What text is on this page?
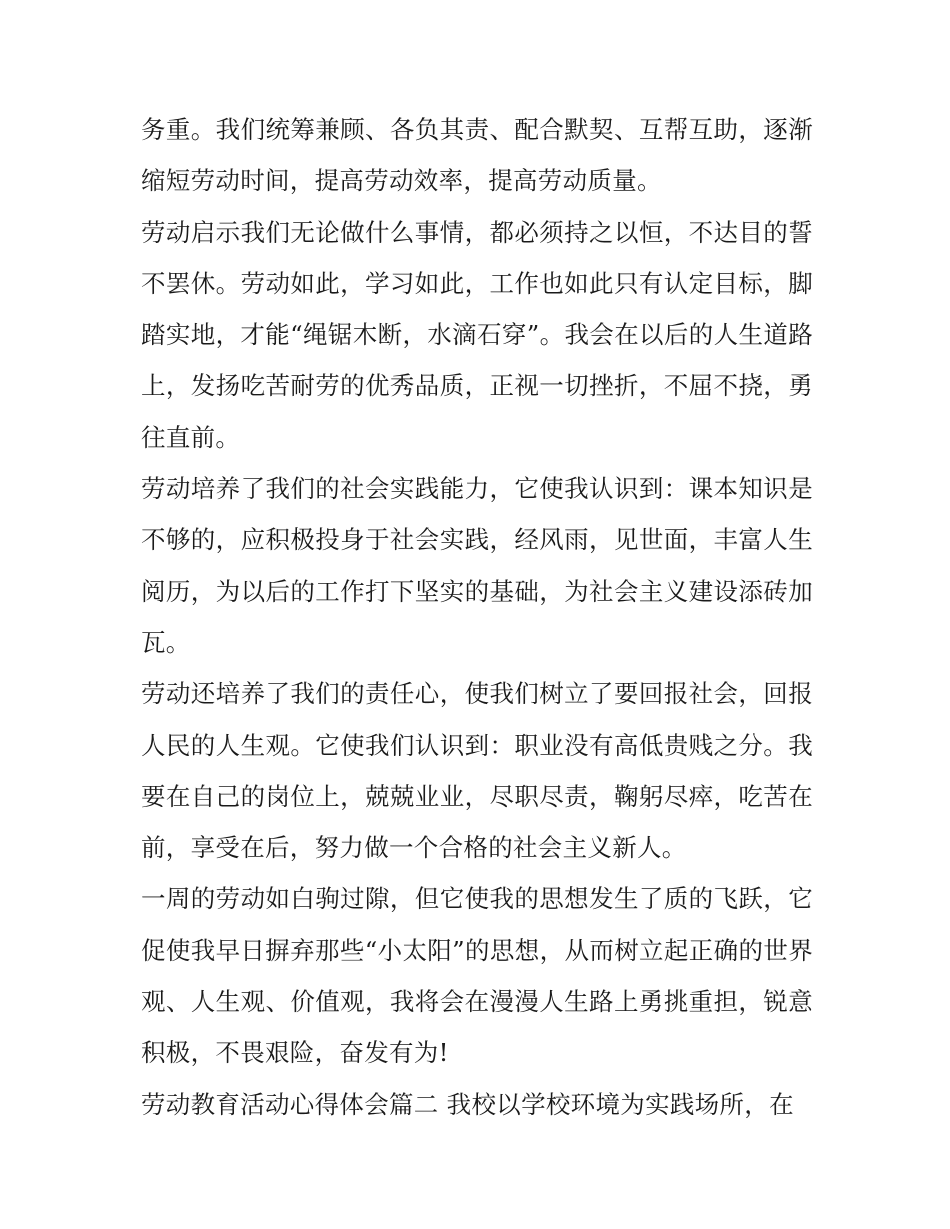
务重。我们统筹兼顾、各负其责、配合默契、互帮互助，逐渐缩短劳动时间，提高劳动效率，提高劳动质量。

劳动启示我们无论做什么事情，都必须持之以恒，不达目的誓不罢休。劳动如此，学习如此，工作也如此只有认定目标，脚踏实地，才能“绳锯木断，水滴石穿”。我会在以后的人生道路上，发扬吃苦耐劳的优秀品质，正视一切挫折，不屈不挠，勇往直前。

劳动培养了我们的社会实践能力，它使我认识到：课本知识是不够的，应积极投身于社会实践，经风雨，见世面，丰富人生阅历，为以后的工作打下坚实的基础，为社会主义建设添砖加瓦。

劳动还培养了我们的责任心，使我们树立了要回报社会，回报人民的人生观。它使我们认识到：职业没有高低贵贱之分。我要在自己的岗位上，兢兢业业，尽职尽责，鞠躬尽瘁，吃苦在前，享受在后，努力做一个合格的社会主义新人。

一周的劳动如白驹过隙，但它使我的思想发生了质的飞跃，它促使我早日摒弃那些“小太阳”的思想，从而树立起正确的世界观、人生观、价值观，我将会在漫漫人生路上勇挑重担，锐意积极，不畏艰险，奋发有为!

劳动教育活动心得体会篇二 我校以学校环境为实践场所，在
